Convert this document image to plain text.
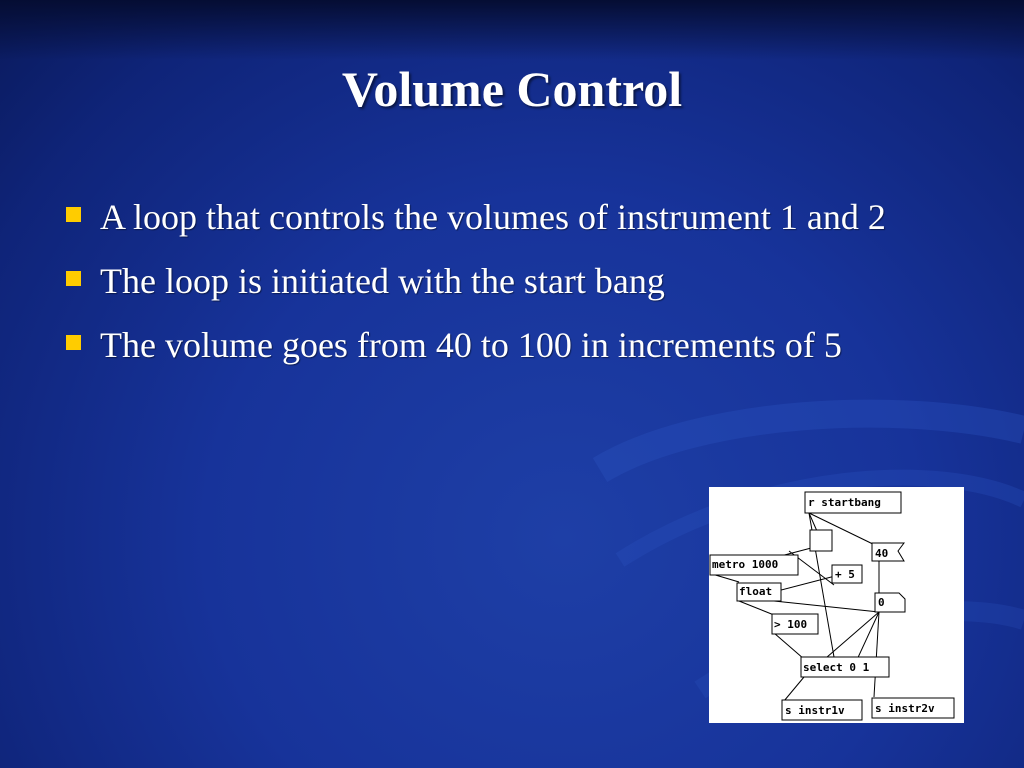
Volume Control
A loop that controls the volumes of instrument 1 and 2
The loop is initiated with the start bang
The volume goes from 40 to 100 in increments of 5
r startbang
40
metro 1000
+ 5
float
0
> 100
select 0 1
s instr1v	s instr2v
